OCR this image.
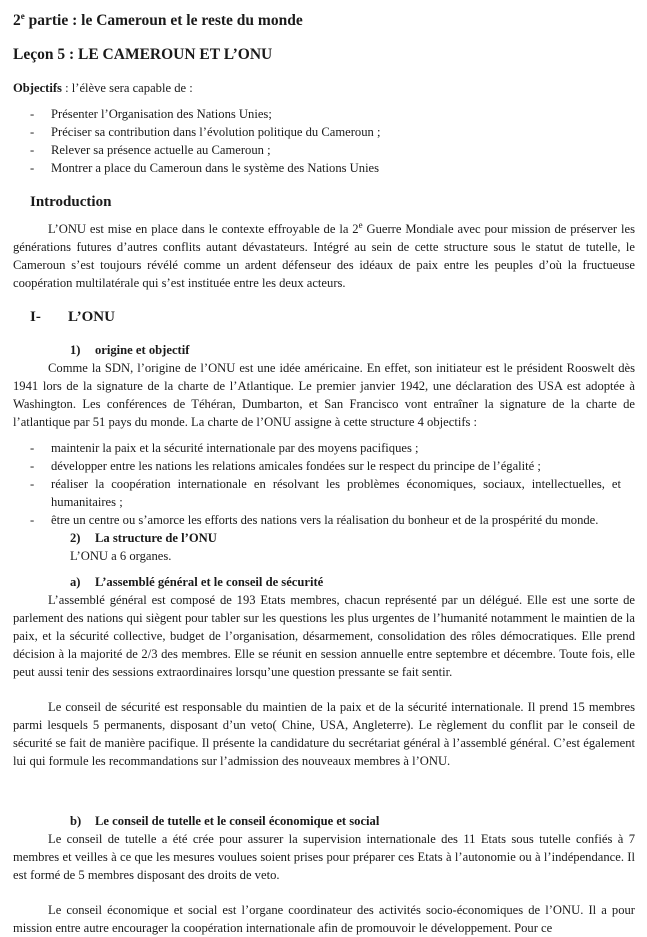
2e partie : le Cameroun et le reste du monde
Leçon 5 : LE CAMEROUN ET L’ONU
Objectifs : l’élève sera capable de :
-	Présenter l’Organisation des Nations Unies;
-	Préciser sa contribution dans l’évolution politique du Cameroun ;
-	Relever sa présence actuelle au Cameroun ;
-	Montrer a place du Cameroun dans le système des Nations Unies
Introduction

L’ONU est mise en place dans le contexte effroyable de la 2e Guerre Mondiale avec pour mission de préserver les générations futures d’autres conflits autant dévastateurs. Intégré au sein de cette structure sous le statut de tutelle, le Cameroun s’est toujours révélé comme un ardent défenseur des idéaux de paix entre les peuples d’où la fructueuse coopération multilatérale qui s’est instituée entre les deux acteurs.

I-	L’ONU
1)	origine et objectif

Comme la SDN, l’origine de l’ONU est une idée américaine. En effet, son initiateur est le président Rooswelt dès 1941 lors de la signature de la charte de l’Atlantique. Le premier janvier 1942, une déclaration des USA est adoptée à Washington. Les conférences de Téhéran, Dumbarton, et San Francisco vont entraîner la signature de la charte de l’atlantique par 51 pays du monde. La charte de l’ONU assigne à cette structure 4 objectifs :

-	maintenir la paix et la sécurité internationale par des moyens pacifiques ;
-	développer entre les nations les relations amicales fondées sur le respect du principe de l’égalité ;
-	réaliser la coopération internationale en résolvant les problèmes économiques, sociaux, intellectuelles, et humanitaires ;
-	être un centre ou s’amorce les efforts des nations vers la réalisation du bonheur et de la prospérité du monde.
2)	La structure de l’ONU
L’ONU a 6 organes.
a)	L’assemblé général et le conseil de sécurité

L’assemblé général est composé de 193 Etats membres, chacun représenté par un délégué. Elle est une sorte de parlement des nations qui siègent pour tabler sur les questions les plus urgentes de l’humanité notamment le maintien de la paix, et la sécurité collective, budget de l’organisation, désarmement, consolidation des rôles démocratiques. Elle prend décision à la majorité de 2/3 des membres. Elle se réunit en session annuelle entre septembre et décembre. Toute fois, elle peut aussi tenir des sessions extraordinaires lorsqu’une question pressante se fait sentir.

Le conseil de sécurité est responsable du maintien de la paix et de la sécurité internationale. Il prend 15 membres parmi lesquels 5 permanents, disposant d’un veto( Chine, USA, Angleterre). Le règlement du conflit par le conseil de sécurité se fait de manière pacifique. Il présente la candidature du secrétariat général à l’assemblé général. C’est également lui qui formule les recommandations sur l’admission des nouveaux membres à l’ONU.

b)	Le conseil de tutelle et le conseil économique et social

Le conseil de tutelle a été crée pour assurer la supervision internationale des 11 Etats sous tutelle confiés à 7 membres et veilles à ce que les mesures voulues soient prises pour préparer ces Etats à l’autonomie ou à l’indépendance. Il est formé de 5 membres disposant des droits de veto.

Le conseil économique et social est l’organe coordinateur des activités socio-économiques de l’ONU. Il a pour mission entre autre encourager la coopération internationale afin de promouvoir le développement. Pour ce
